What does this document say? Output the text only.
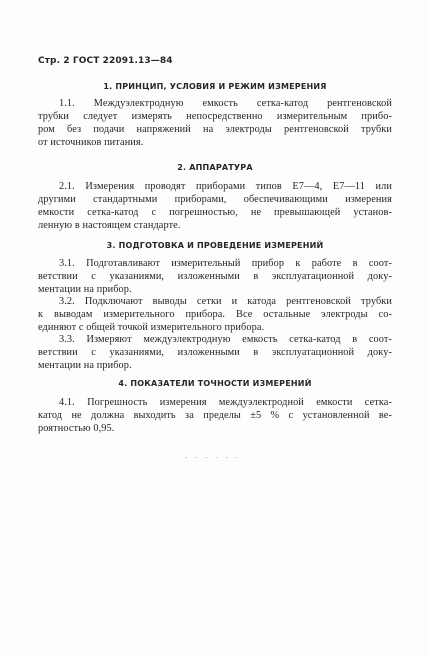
Стр. 2 ГОСТ 22091.13—84
1. ПРИНЦИП, УСЛОВИЯ И РЕЖИМ ИЗМЕРЕНИЯ
1.1. Междуэлектродную емкость сетка-катод рентгеновской
трубки следует измерять непосредственно измерительным прибо-
ром без подачи напряжений на электроды рентгеновской трубки
от источников питания.
2. АППАРАТУРА
2.1. Измерения проводят приборами типов Е7—4, Е7—11 или
другими стандартными приборами, обеспечивающими измерения
емкости сетка-катод с погрешностью, не превышающей установ-
ленную в настоящем стандарте.
3. ПОДГОТОВКА И ПРОВЕДЕНИЕ ИЗМЕРЕНИЙ
3.1. Подготавливают измерительный прибор к работе в соот-
ветствии с указаниями, изложенными в эксплуатационной доку-
ментации на прибор.
3.2. Подключают выводы сетки и катода рентгеновской трубки
к выводам измерительного прибора. Все остальные электроды со-
единяют с общей точкой измерительного прибора.
3.3. Измеряют междуэлектродную емкость сетка-катод в соот-
ветствии с указаниями, изложенными в эксплуатационной доку-
ментации на прибор.
4. ПОКАЗАТЕЛИ ТОЧНОСТИ ИЗМЕРЕНИЙ
4.1. Погрешность измерения междуэлектродной емкости сетка-
катод не должна выходить за пределы ±5 % с установленной ве-
роятностью 0,95.
- - - - - -
